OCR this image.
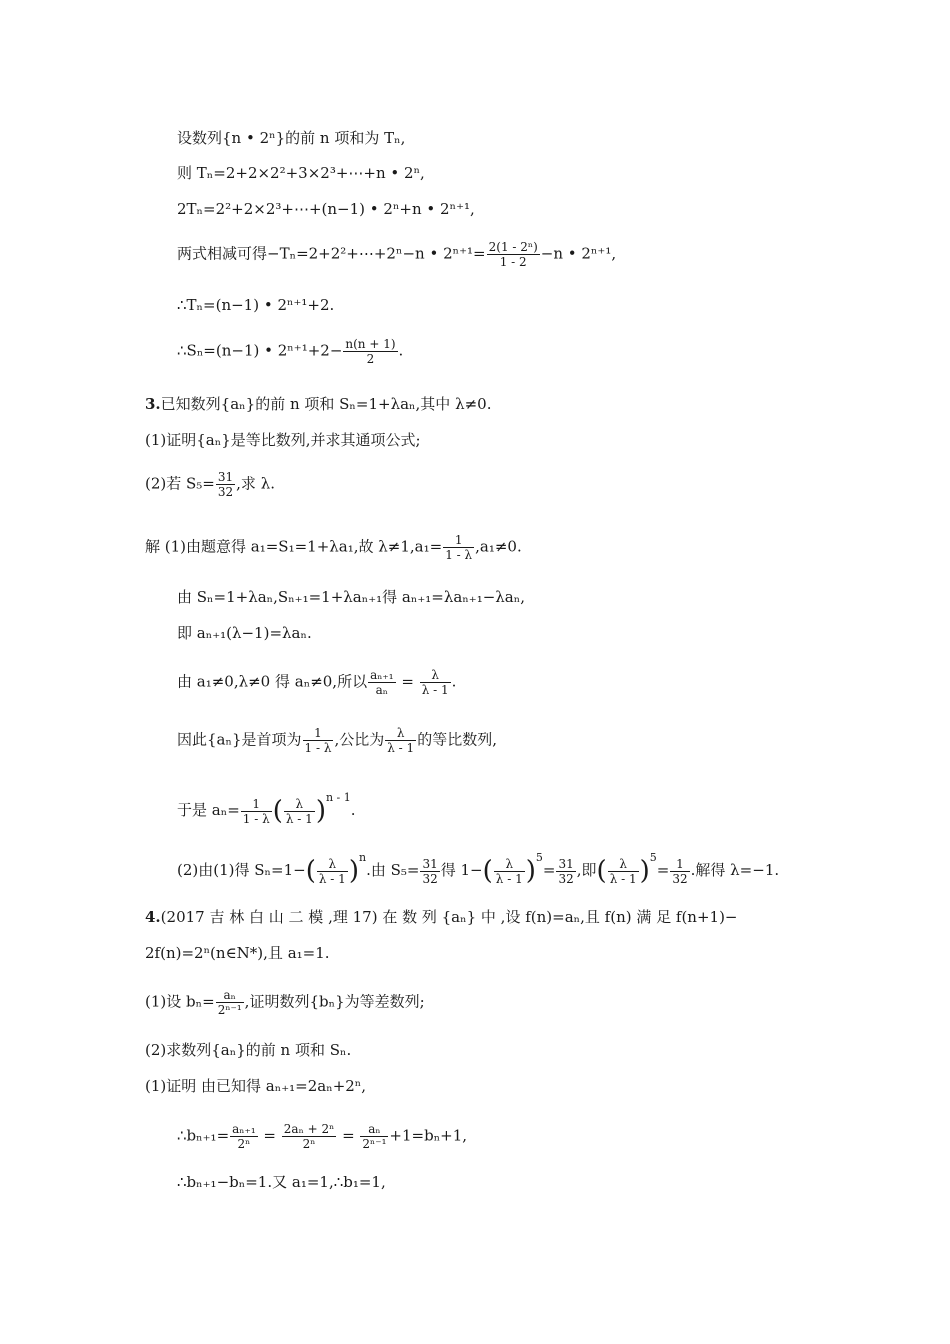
设数列{n • 2ⁿ}的前 n 项和为 Tₙ,
则 Tₙ=2+2×2²+3×2³+⋯+n • 2ⁿ,
2Tₙ=2²+2×2³+⋯+(n−1) • 2ⁿ+n • 2ⁿ⁺¹,
两式相减可得−Tₙ=2+2²+⋯+2ⁿ−n • $2^{n+1}= \frac{\text{2(1 - 2ⁿ)}}{1 - 2} -n$ • 2ⁿ⁺¹,
∴Tₙ=(n−1) • 2ⁿ⁺¹+2.
∴Sₙ=(n−1) • $2^{n+1}+2- \frac{n(n + 1)}{2}$ .
3.已知数列{aₙ}的前 n 项和 Sₙ=1+λaₙ,其中 λ≠0.
(1)证明{aₙ}是等比数列,并求其通项公式;
(2)若 $S_5= \frac{31}{32}$ ,求 λ.
解 (1)由题意得 a₁=S₁=1+λa₁,故 $\lambda\ne 1,a_1= \frac{1}{1 - \lambda} ,a_1\ne 0$.
由 Sₙ=1+λaₙ,Sₙ₊₁=1+λaₙ₊₁得 aₙ₊₁=λaₙ₊₁−λaₙ,
即 aₙ₊₁(λ−1)=λaₙ.
由 a₁≠0,λ≠0 得 aₙ≠0,所以 $\frac{\text{aₙ₊₁}}{\text{aₙ}} = \frac{\lambda}{\lambda - 1}$ .
因此{aₙ}是首项为 $\frac{1}{1 - \lambda}$ ,公比为 $\frac{\lambda}{\lambda - 1}$ 的等比数列,
于是 $a_n= \frac{1}{1 - \lambda}$ ( $\frac{\lambda}{\lambda - 1} )^{n - 1}$.
(2)由(1)得 $S_n=1-( \frac{\lambda}{\lambda - 1} )^n$.由 $S_5= \frac{31}{32}$ 得 $1-( \frac{\lambda}{\lambda - 1} )^5= \frac{31}{32}$ ,即( $\frac{\lambda}{\lambda - 1} )^5= \frac{1}{32}$ .解得 λ=−1.
4.(2017 吉 林 白 山 二 模 ,理 17) 在 数 列 {aₙ} 中 ,设 f(n)=aₙ,且 f(n) 满 足 f(n+1)−
2f(n)=2ⁿ(n∈N*),且 a₁=1.
(1)设 $b_n= \frac{\text{aₙ}}{\text{2ⁿ⁻¹}}$ ,证明数列{bₙ}为等差数列;
(2)求数列{aₙ}的前 n 项和 Sₙ.
(1)证明 由已知得 aₙ₊₁=2aₙ+2ⁿ,
∴bₙ₊₁= $\frac{\text{aₙ₊₁}}{\text{2ⁿ}} = \frac{\text{2aₙ + 2ⁿ}}{\text{2ⁿ}} = \frac{\text{aₙ}}{\text{2ⁿ⁻¹}} +1=b_n+1$,
∴bₙ₊₁−bₙ=1.又 a₁=1,∴b₁=1,
